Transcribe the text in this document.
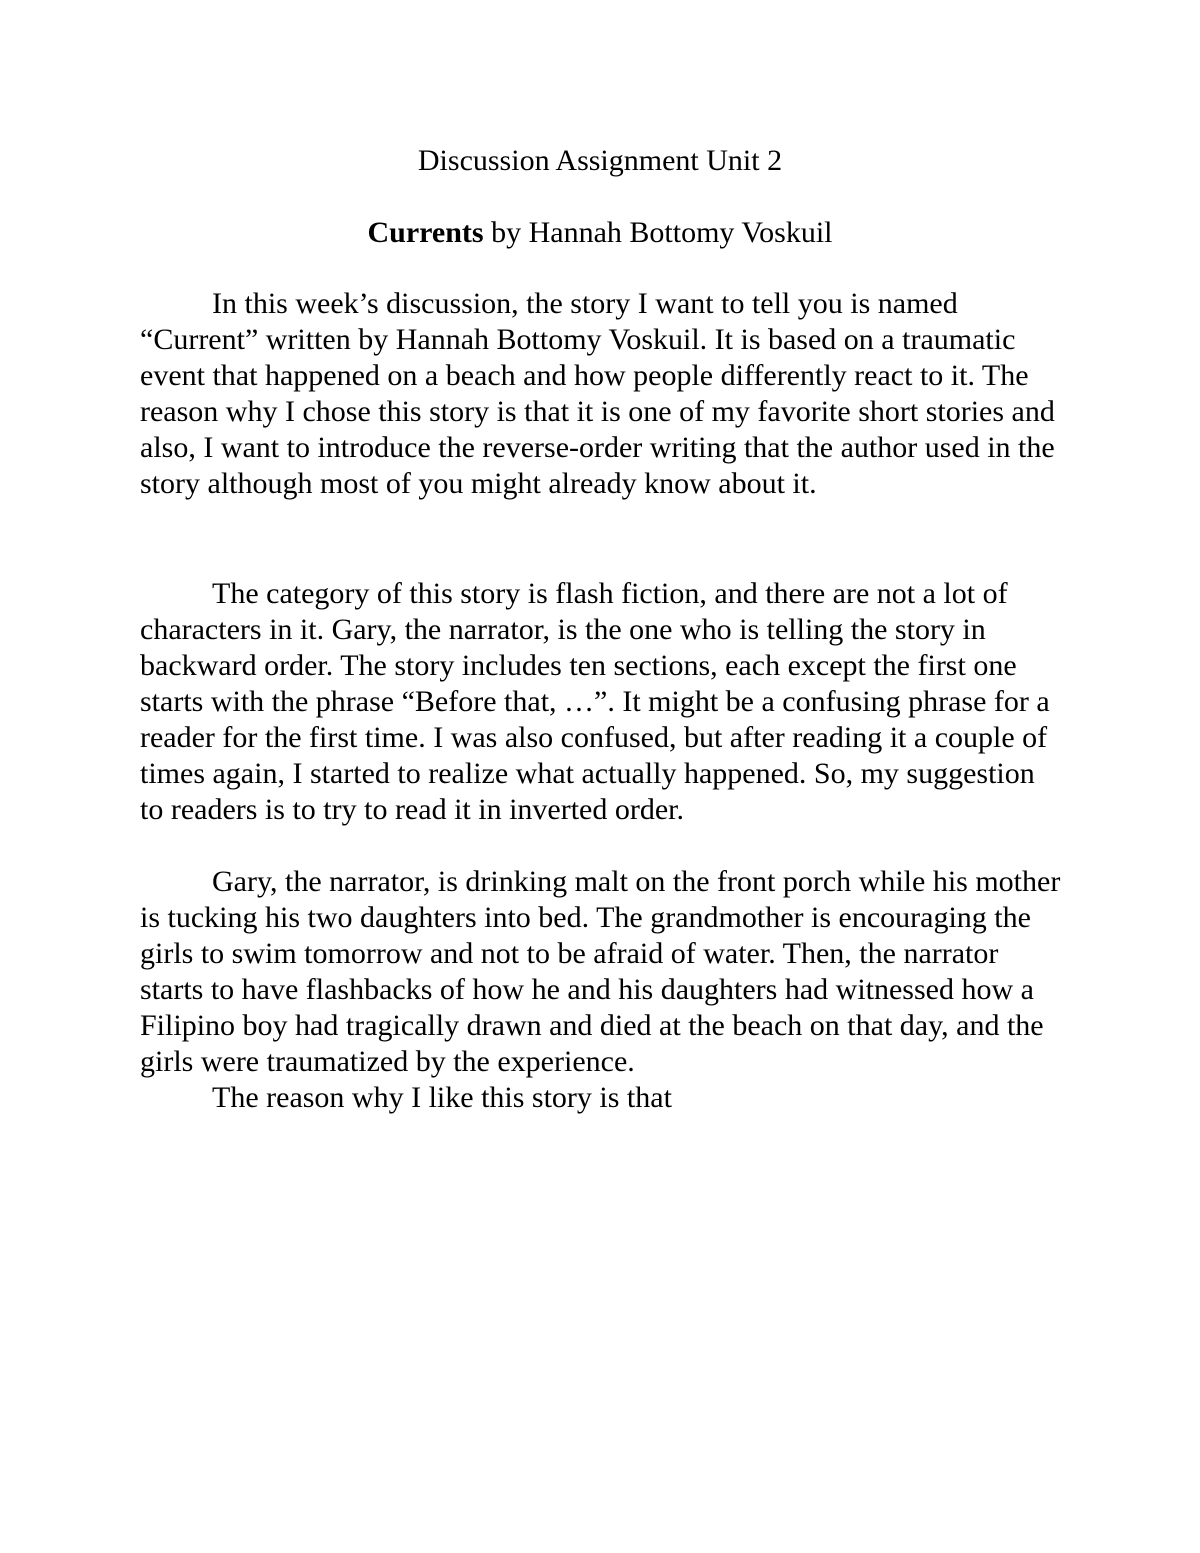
Discussion Assignment Unit 2

Currents by Hannah Bottomy Voskuil

In this week’s discussion, the story I want to tell you is named “Current” written by Hannah Bottomy Voskuil. It is based on a traumatic event that happened on a beach and how people differently react to it. The reason why I chose this story is that it is one of my favorite short stories and also, I want to introduce the reverse-order writing that the author used in the story although most of you might already know about it.

The category of this story is flash fiction, and there are not a lot of characters in it. Gary, the narrator, is the one who is telling the story in backward order. The story includes ten sections, each except the first one starts with the phrase “Before that, …”. It might be a confusing phrase for a reader for the first time. I was also confused, but after reading it a couple of times again, I started to realize what actually happened. So, my suggestion to readers is to try to read it in inverted order.

Gary, the narrator, is drinking malt on the front porch while his mother is tucking his two daughters into bed. The grandmother is encouraging the girls to swim tomorrow and not to be afraid of water. Then, the narrator starts to have flashbacks of how he and his daughters had witnessed how a Filipino boy had tragically drawn and died at the beach on that day, and the girls were traumatized by the experience.

The reason why I like this story is that
